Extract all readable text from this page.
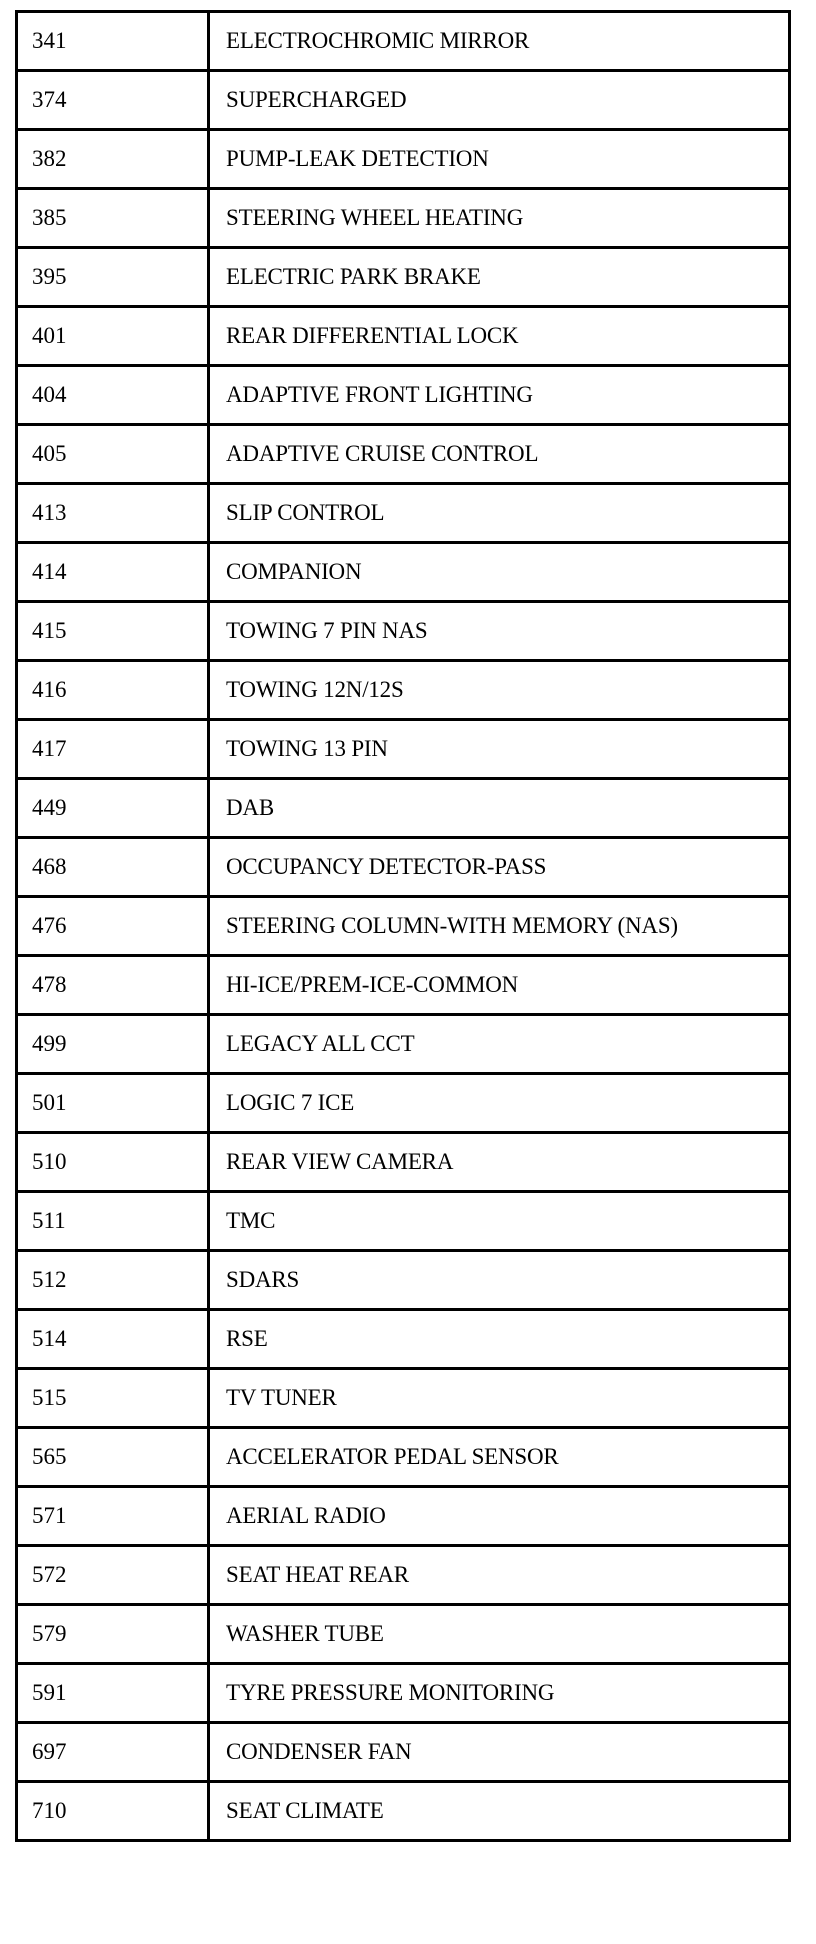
341	ELECTROCHROMIC MIRROR
374	SUPERCHARGED
382	PUMP-LEAK DETECTION
385	STEERING WHEEL HEATING
395	ELECTRIC PARK BRAKE
401	REAR DIFFERENTIAL LOCK
404	ADAPTIVE FRONT LIGHTING
405	ADAPTIVE CRUISE CONTROL
413	SLIP CONTROL
414	COMPANION
415	TOWING 7 PIN NAS
416	TOWING 12N/12S
417	TOWING 13 PIN
449	DAB
468	OCCUPANCY DETECTOR-PASS
476	STEERING COLUMN-WITH MEMORY (NAS)
478	HI-ICE/PREM-ICE-COMMON
499	LEGACY ALL CCT
501	LOGIC 7 ICE
510	REAR VIEW CAMERA
511	TMC
512	SDARS
514	RSE
515	TV TUNER
565	ACCELERATOR PEDAL SENSOR
571	AERIAL RADIO
572	SEAT HEAT REAR
579	WASHER TUBE
591	TYRE PRESSURE MONITORING
697	CONDENSER FAN
710	SEAT CLIMATE
